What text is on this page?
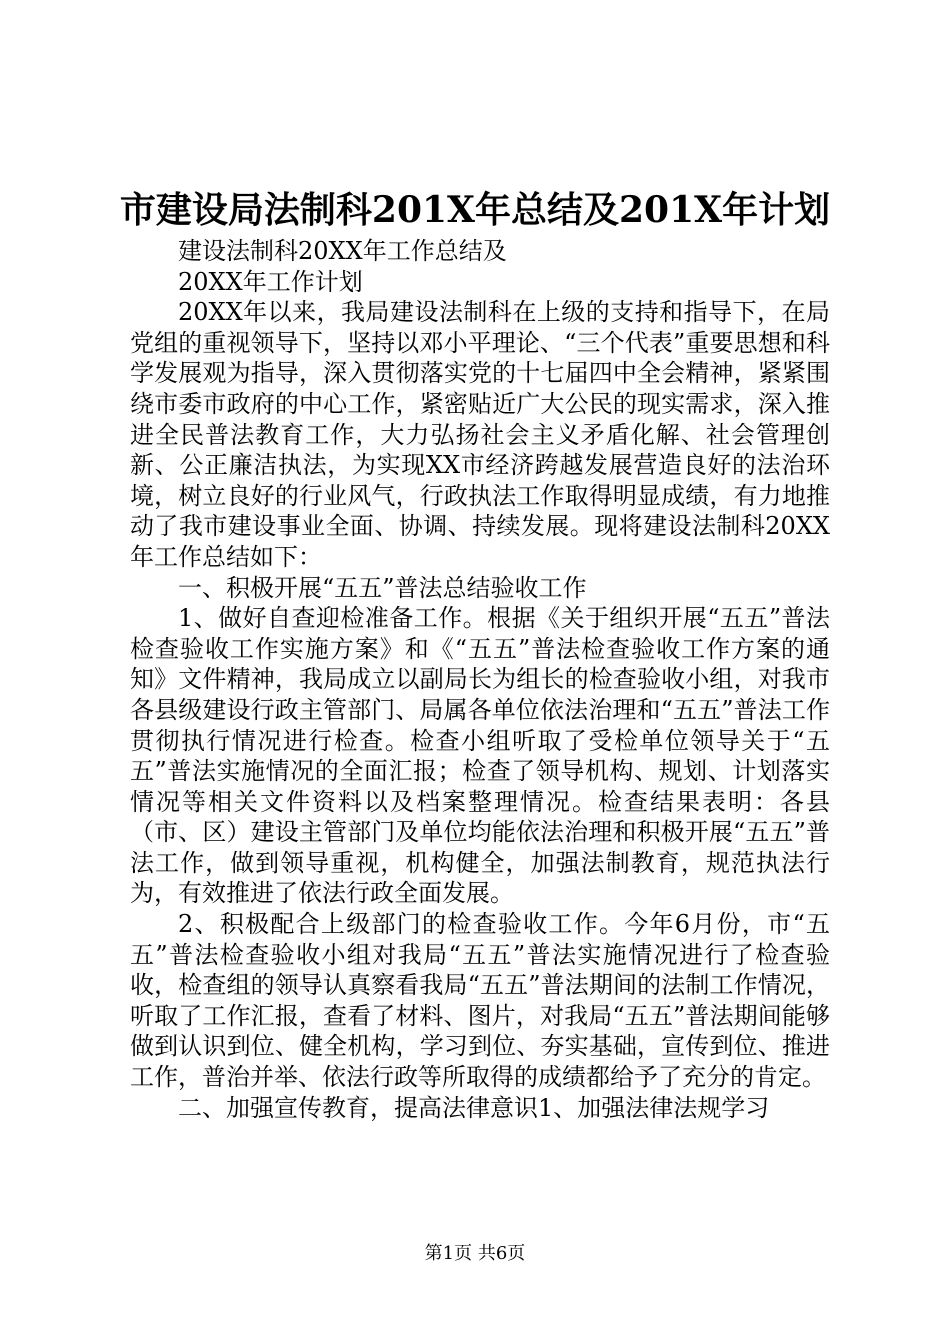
市建设局法制科201X年总结及201X年计划

建设法制科20XX年工作总结及

20XX年工作计划

20XX年以来，我局建设法制科在上级的支持和指导下，在局党组的重视领导下，坚持以邓小平理论、“三个代表”重要思想和科学发展观为指导，深入贯彻落实党的十七届四中全会精神，紧紧围绕市委市政府的中心工作，紧密贴近广大公民的现实需求，深入推进全民普法教育工作，大力弘扬社会主义矛盾化解、社会管理创新、公正廉洁执法，为实现XX市经济跨越发展营造良好的法治环境，树立良好的行业风气，行政执法工作取得明显成绩，有力地推动了我市建设事业全面、协调、持续发展。现将建设法制科20XX年工作总结如下：

一、积极开展“五五”普法总结验收工作

1、做好自查迎检准备工作。根据《关于组织开展“五五”普法检查验收工作实施方案》和《“五五”普法检查验收工作方案的通知》文件精神，我局成立以副局长为组长的检查验收小组，对我市各县级建设行政主管部门、局属各单位依法治理和“五五”普法工作贯彻执行情况进行检查。检查小组听取了受检单位领导关于“五五”普法实施情况的全面汇报；检查了领导机构、规划、计划落实情况等相关文件资料以及档案整理情况。检查结果表明：各县（市、区）建设主管部门及单位均能依法治理和积极开展“五五”普法工作，做到领导重视，机构健全，加强法制教育，规范执法行为，有效推进了依法行政全面发展。

2、积极配合上级部门的检查验收工作。今年6月份，市“五五”普法检查验收小组对我局“五五”普法实施情况进行了检查验收，检查组的领导认真察看我局“五五”普法期间的法制工作情况，听取了工作汇报，查看了材料、图片，对我局“五五”普法期间能够做到认识到位、健全机构，学习到位、夯实基础，宣传到位、推进工作，普治并举、依法行政等所取得的成绩都给予了充分的肯定。

二、加强宣传教育，提高法律意识1、加强法律法规学习

第1页 共6页
